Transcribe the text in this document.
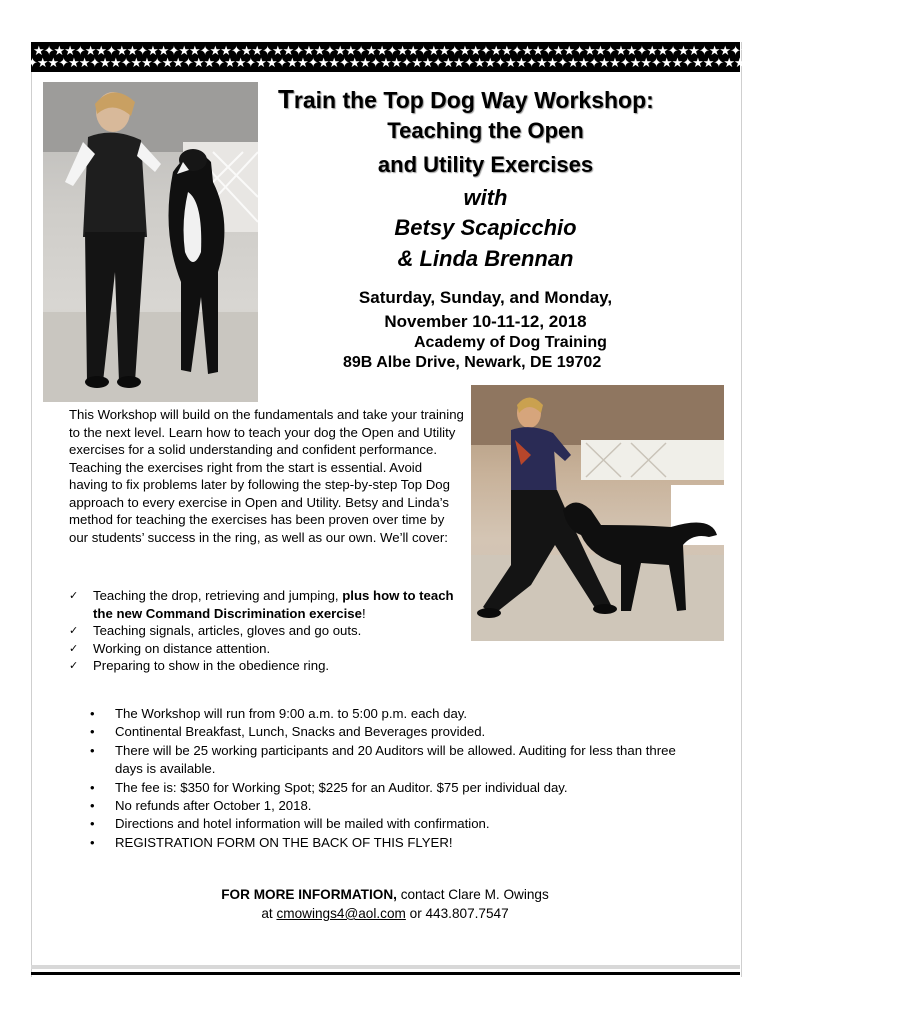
★✦★★✦★★✦★★✦★★✦★★✦★★✦★★✦★★✦★★✦★★✦★★✦★★✦★★✦★★✦★★✦★★✦★★✦★★✦★★✦★★✦★★✦★★✦★★✦★★✦★★✦★★✦★★✦★
✦★★✦★★✦★★✦★★✦★★✦★★✦★★✦★★✦★★✦★★✦★★✦★★✦★★✦★★✦★★✦★★✦★★✦★★✦★★✦★★✦★★✦★★✦★★✦★★✦★★✦★★✦★★✦★
Train the Top Dog Way Workshop:
Teaching the Open
and Utility Exercises
with
Betsy Scapicchio
& Linda Brennan
Saturday, Sunday, and Monday,
November 10-11-12, 2018
Academy of Dog Training
89B Albe Drive, Newark, DE 19702
This Workshop will build on the fundamentals and take your training to the next level. Learn how to teach your dog the Open and Utility exercises for a solid understanding and confident performance. Teaching the exercises right from the start is essential. Avoid having to fix problems later by following the step-by-step Top Dog approach to every exercise in Open and Utility. Betsy and Linda’s method for teaching the exercises has been proven over time by our students’ success in the ring, as well as our own. We’ll cover:
✓ Teaching the drop, retrieving and jumping, plus how to teach the new Command Discrimination exercise!
✓ Teaching signals, articles, gloves and go outs.
✓ Working on distance attention.
✓ Preparing to show in the obedience ring.
• The Workshop will run from 9:00 a.m. to 5:00 p.m. each day.
• Continental Breakfast, Lunch, Snacks and Beverages provided.
• There will be 25 working participants and 20 Auditors will be allowed. Auditing for less than three days is available.
• The fee is: $350 for Working Spot; $225 for an Auditor. $75 per individual day.
• No refunds after October 1, 2018.
• Directions and hotel information will be mailed with confirmation.
• REGISTRATION FORM ON THE BACK OF THIS FLYER!
FOR MORE INFORMATION, contact Clare M. Owings
at cmowings4@aol.com or 443.807.7547
